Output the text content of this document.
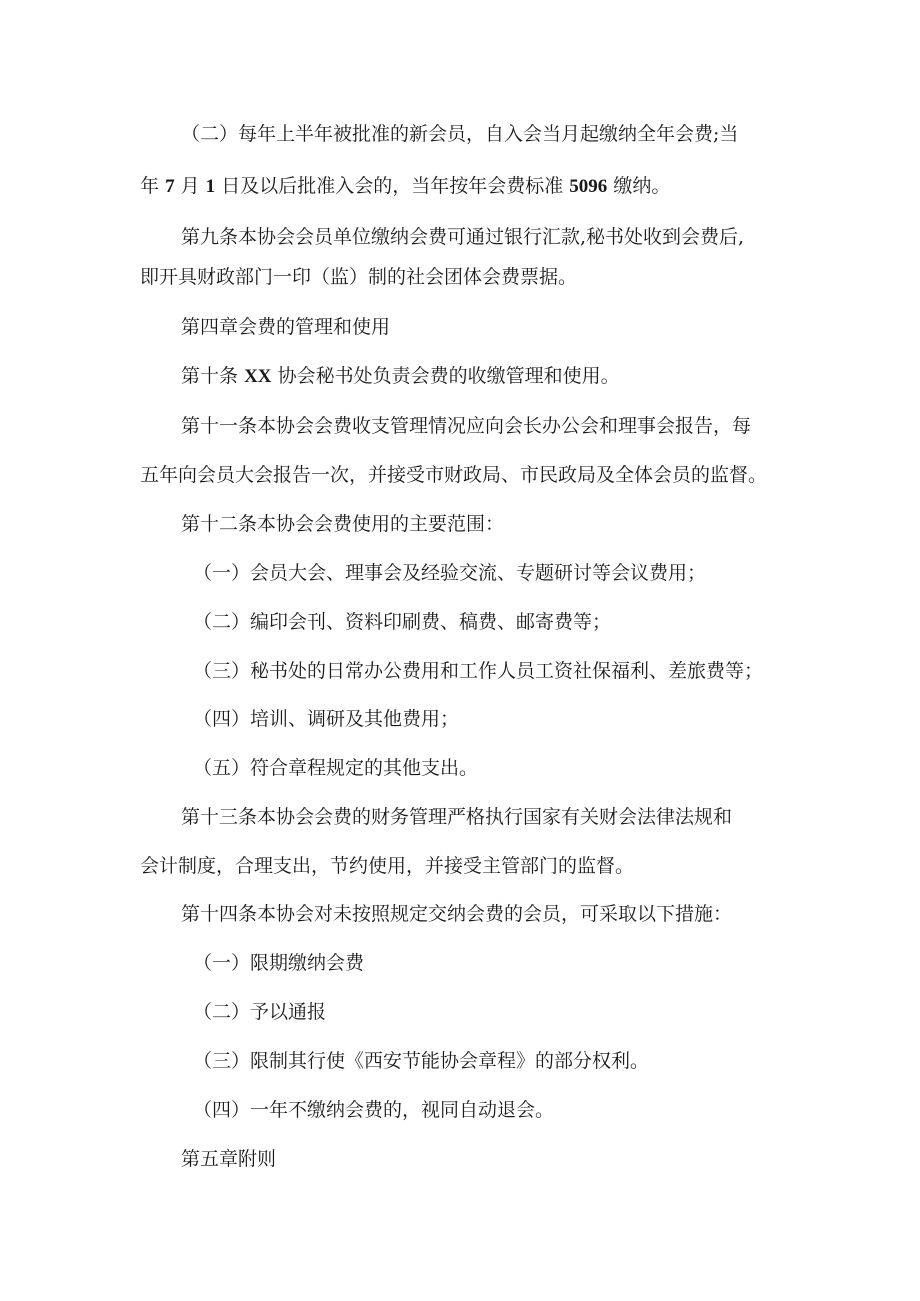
（二）每年上半年被批准的新会员，自入会当月起缴纳全年会费;当

年 7 月 1 日及以后批准入会的，当年按年会费标准 5096 缴纳。

第九条本协会会员单位缴纳会费可通过银行汇款,秘书处收到会费后,

即开具财政部门一印（监）制的社会团体会费票据。

第四章会费的管理和使用

第十条 XX 协会秘书处负责会费的收缴管理和使用。

第十一条本协会会费收支管理情况应向会长办公会和理事会报告，每

五年向会员大会报告一次，并接受市财政局、市民政局及全体会员的监督。

第十二条本协会会费使用的主要范围：

（一）会员大会、理事会及经验交流、专题研讨等会议费用；

（二）编印会刊、资料印刷费、稿费、邮寄费等；

（三）秘书处的日常办公费用和工作人员工资社保福利、差旅费等；

（四）培训、调研及其他费用；

（五）符合章程规定的其他支出。

第十三条本协会会费的财务管理严格执行国家有关财会法律法规和

会计制度，合理支出，节约使用，并接受主管部门的监督。

第十四条本协会对未按照规定交纳会费的会员，可采取以下措施：

（一）限期缴纳会费

（二）予以通报

（三）限制其行使《西安节能协会章程》的部分权利。

（四）一年不缴纳会费的，视同自动退会。

第五章附则
